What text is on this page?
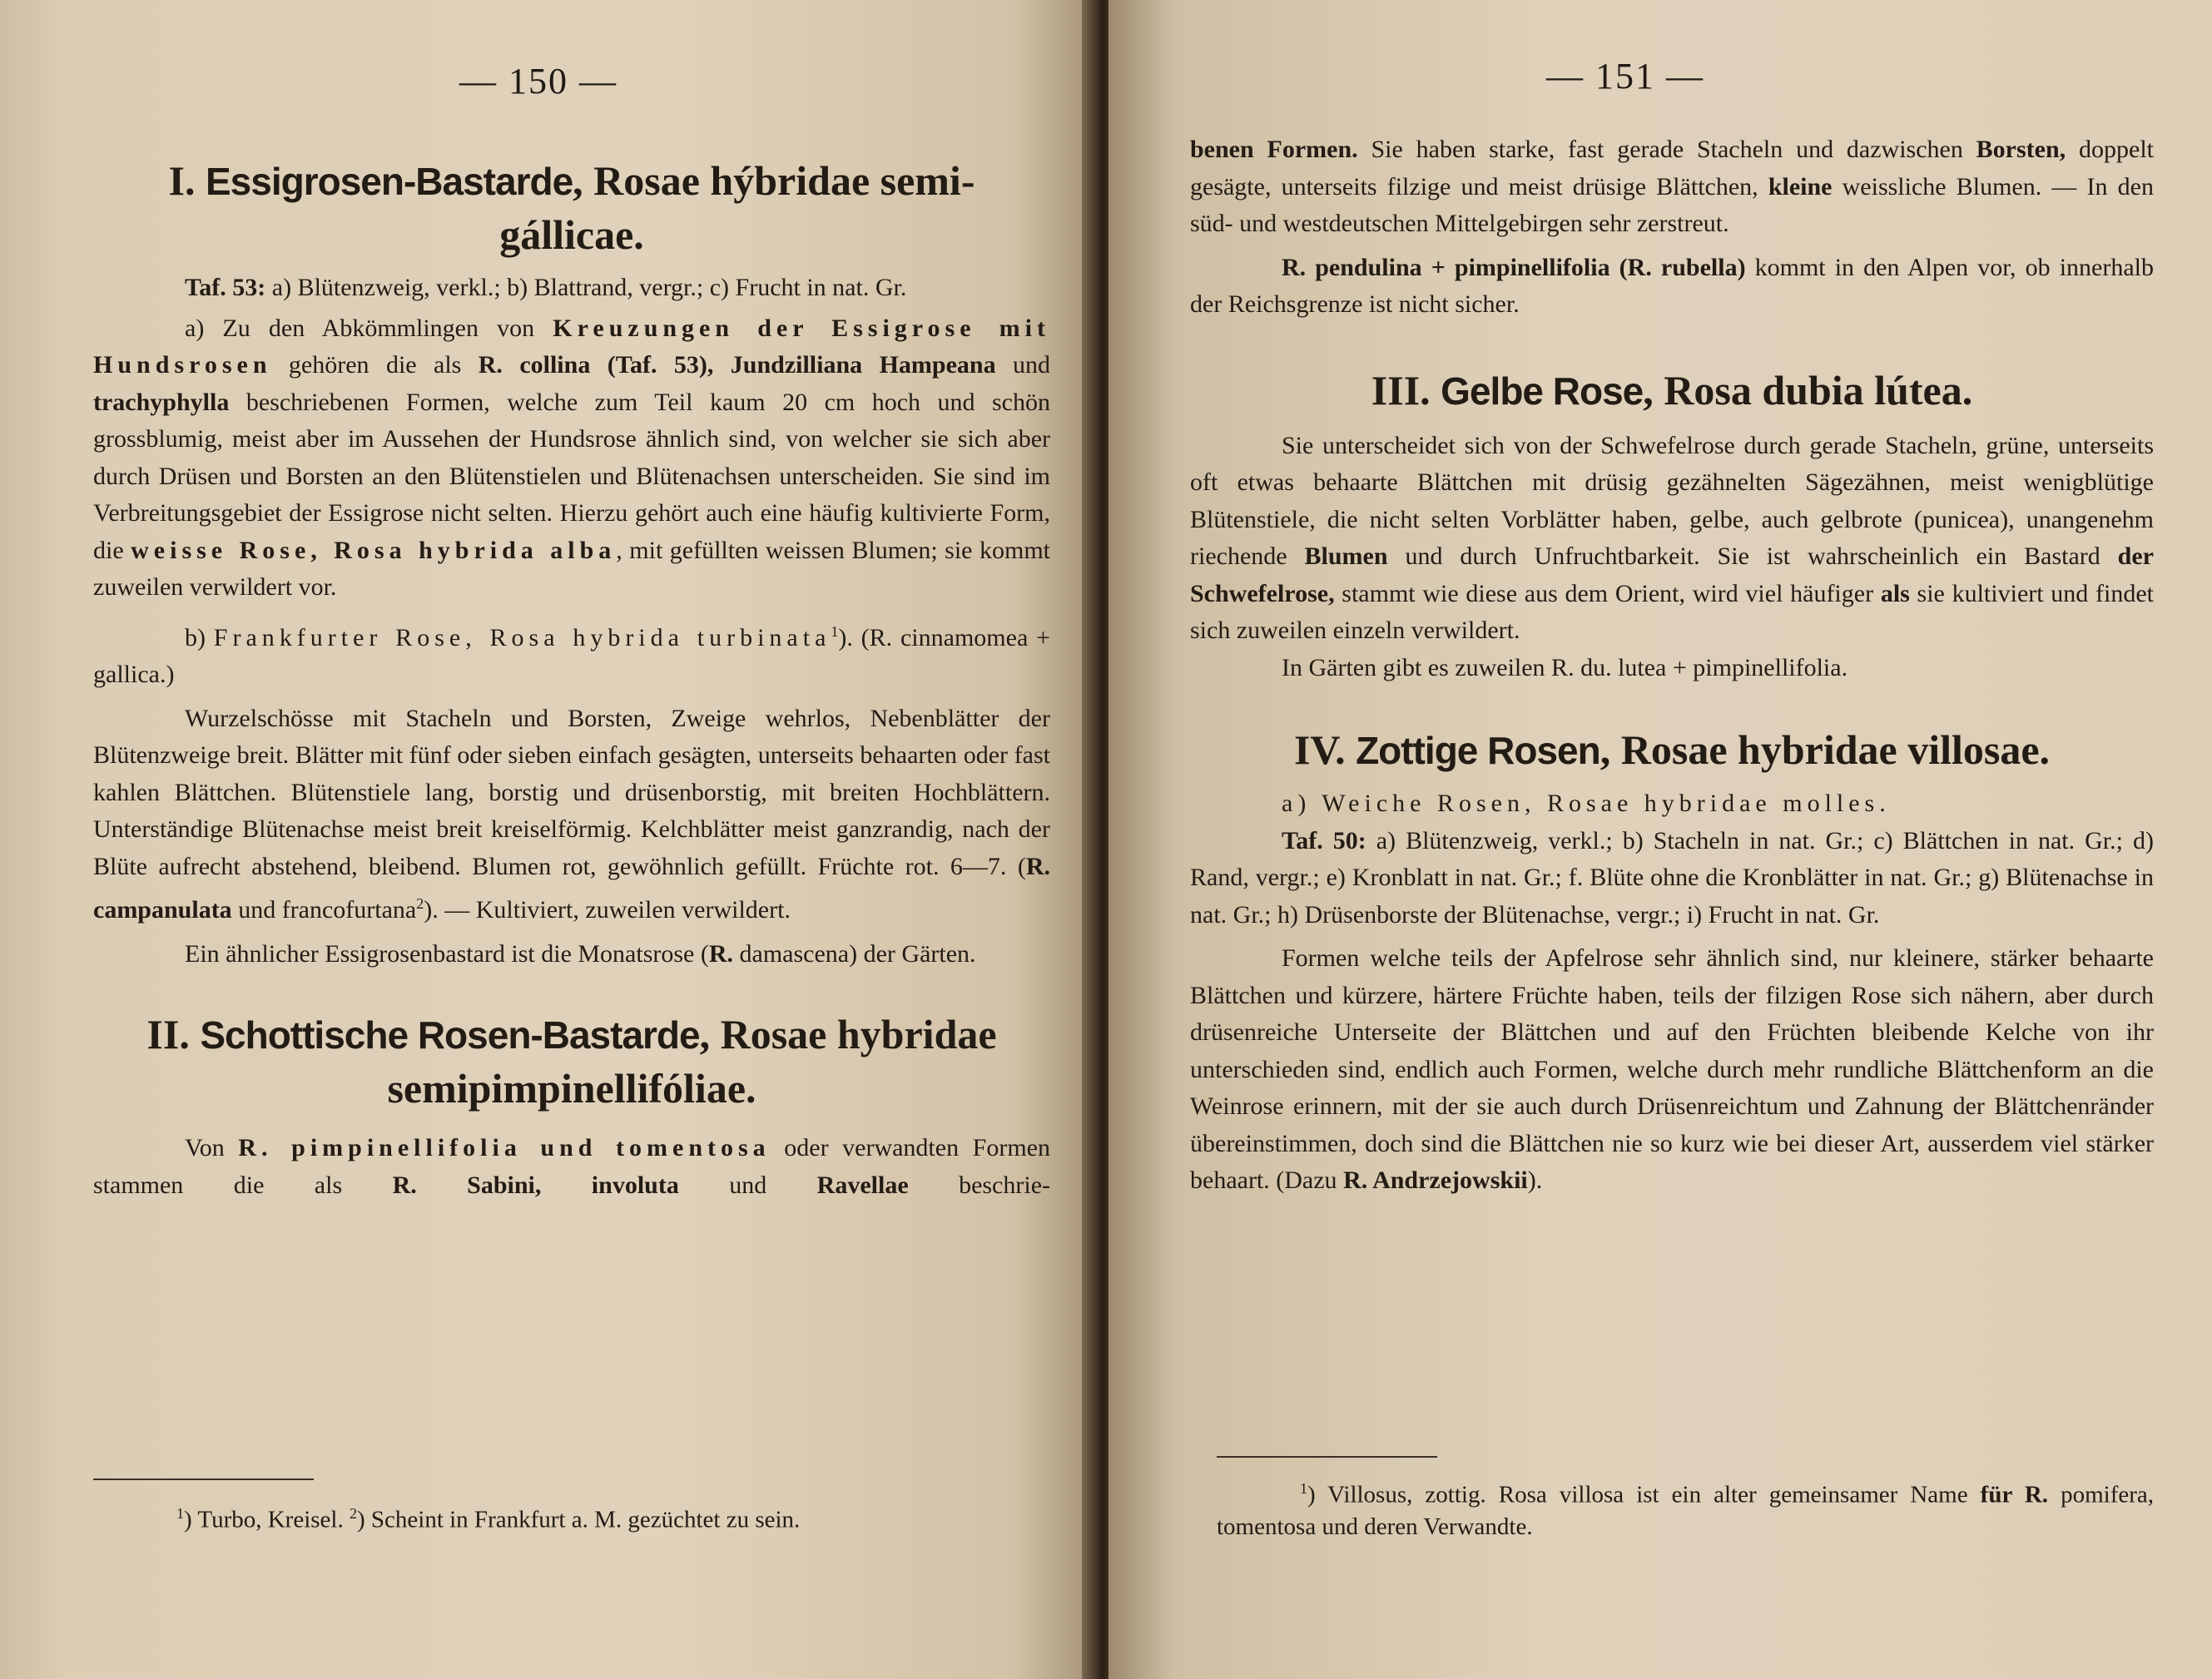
— 150 —
I. Essigrosen-Bastarde, Rosae hýbridae semi-
gállicae.

Taf. 53: a) Blütenzweig, verkl.; b) Blattrand, vergr.; c) Frucht in nat. Gr.

a) Zu den Abkömmlingen von Kreuzungen der Essigrose mit Hundsrosen gehören die als R. collina (Taf. 53), Jundzilliana Hampeana und trachyphylla beschriebenen Formen, welche zum Teil kaum 20 cm hoch und schön grossblumig, meist aber im Aussehen der Hundsrose ähnlich sind, von welcher sie sich aber durch Drüsen und Borsten an den Blütenstielen und Blütenachsen unterscheiden. Sie sind im Verbreitungsgebiet der Essigrose nicht selten. Hierzu gehört auch eine häufig kultivierte Form, die weisse Rose, Rosa hybrida alba, mit gefüllten weissen Blumen; sie kommt zuweilen verwildert vor.

b) Frankfurter Rose, Rosa hybrida turbinata$^1$). (R. cinnamomea + gallica.)

Wurzelschösse mit Stacheln und Borsten, Zweige wehrlos, Nebenblätter der Blütenzweige breit. Blätter mit fünf oder sieben einfach gesägten, unterseits behaarten oder fast kahlen Blättchen. Blütenstiele lang, borstig und drüsenborstig, mit breiten Hochblättern. Unterständige Blütenachse meist breit kreiselförmig. Kelchblätter meist ganzrandig, nach der Blüte aufrecht abstehend, bleibend. Blumen rot, gewöhnlich gefüllt. Früchte rot. 6—7. (R. campanulata und francofurtana$^2$). — Kultiviert, zuweilen verwildert.

Ein ähnlicher Essigrosenbastard ist die Monatsrose (R. damascena) der Gärten.

II. Schottische Rosen-Bastarde, Rosae hybridae
semipimpinellifóliae.

Von R. pimpinellifolia und tomentosa oder verwandten Formen stammen die als R. Sabini, involuta und Ravellae beschrie-

$^1$) Turbo, Kreisel. $^2$) Scheint in Frankfurt a. M. gezüchtet zu sein.

— 151 —

benen Formen. Sie haben starke, fast gerade Stacheln und dazwischen Borsten, doppelt gesägte, unterseits filzige und meist drüsige Blättchen, kleine weissliche Blumen. — In den süd- und westdeutschen Mittelgebirgen sehr zerstreut.

R. pendulina + pimpinellifolia (R. rubella) kommt in den Alpen vor, ob innerhalb der Reichsgrenze ist nicht sicher.

III. Gelbe Rose, Rosa dubia lútea.

Sie unterscheidet sich von der Schwefelrose durch gerade Stacheln, grüne, unterseits oft etwas behaarte Blättchen mit drüsig gezähnelten Sägezähnen, meist wenigblütige Blütenstiele, die nicht selten Vorblätter haben, gelbe, auch gelbrote (punicea), unangenehm riechende Blumen und durch Unfruchtbarkeit. Sie ist wahrscheinlich ein Bastard der Schwefelrose, stammt wie diese aus dem Orient, wird viel häufiger als sie kultiviert und findet sich zuweilen einzeln verwildert.

In Gärten gibt es zuweilen R. du. lutea + pimpinellifolia.

IV. Zottige Rosen, Rosae hybridae villosae.

a) Weiche Rosen, Rosae hybridae molles.

Taf. 50: a) Blütenzweig, verkl.; b) Stacheln in nat. Gr.; c) Blättchen in nat. Gr.; d) Rand, vergr.; e) Kronblatt in nat. Gr.; f. Blüte ohne die Kronblätter in nat. Gr.; g) Blütenachse in nat. Gr.; h) Drüsenborste der Blütenachse, vergr.; i) Frucht in nat. Gr.

Formen welche teils der Apfelrose sehr ähnlich sind, nur kleinere, stärker behaarte Blättchen und kürzere, härtere Früchte haben, teils der filzigen Rose sich nähern, aber durch drüsenreiche Unterseite der Blättchen und auf den Früchten bleibende Kelche von ihr unterschieden sind, endlich auch Formen, welche durch mehr rundliche Blättchenform an die Weinrose erinnern, mit der sie auch durch Drüsenreichtum und Zahnung der Blättchenränder übereinstimmen, doch sind die Blättchen nie so kurz wie bei dieser Art, ausserdem viel stärker behaart. (Dazu R. Andrzejowskii).

$^1$) Villosus, zottig. Rosa villosa ist ein alter gemeinsamer Name für R. pomifera, tomentosa und deren Verwandte.
